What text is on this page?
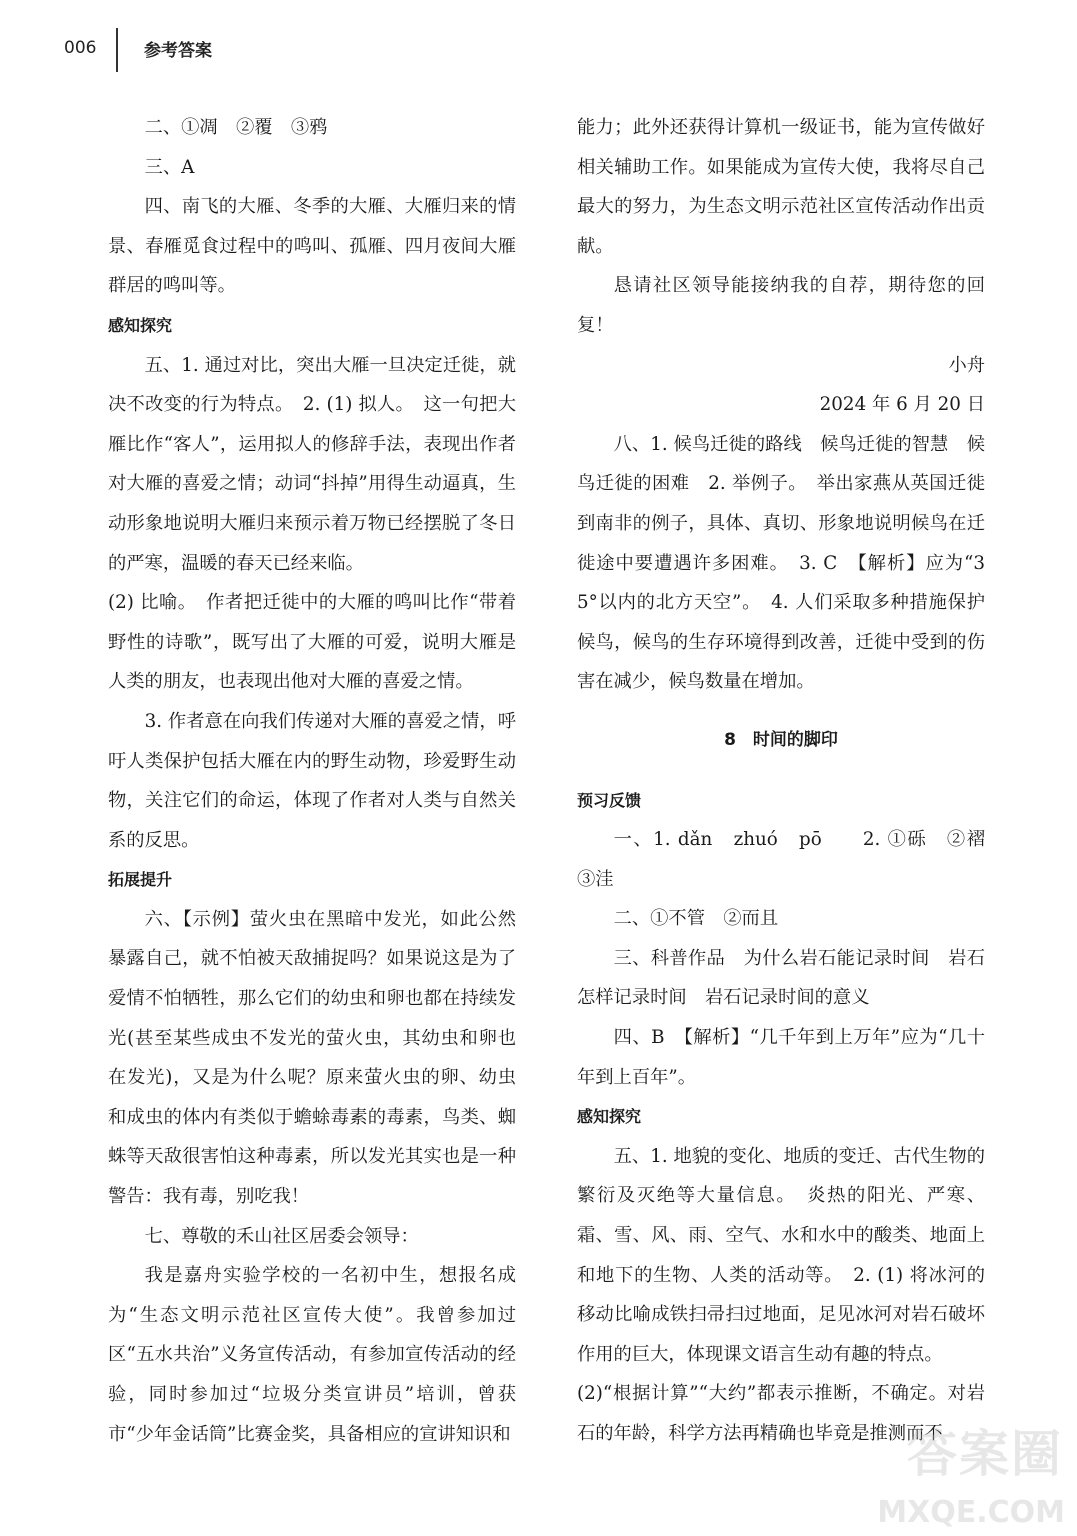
006	参考答案

二、①凋　②覆　③鸦

三、A

四、南飞的大雁、冬季的大雁、大雁归来的情景、春雁觅食过程中的鸣叫、孤雁、四月夜间大雁群居的鸣叫等。

感知探究

五、1. 通过对比，突出大雁一旦决定迁徙，就决不改变的行为特点。　2. (1) 拟人。　这一句把大雁比作“客人”，运用拟人的修辞手法，表现出作者对大雁的喜爱之情；动词“抖掉”用得生动逼真，生动形象地说明大雁归来预示着万物已经摆脱了冬日的严寒，温暖的春天已经来临。

(2) 比喻。　作者把迁徙中的大雁的鸣叫比作“带着野性的诗歌”，既写出了大雁的可爱，说明大雁是人类的朋友，也表现出他对大雁的喜爱之情。

3. 作者意在向我们传递对大雁的喜爱之情，呼吁人类保护包括大雁在内的野生动物，珍爱野生动物，关注它们的命运，体现了作者对人类与自然关系的反思。

拓展提升

六、【示例】萤火虫在黑暗中发光，如此公然暴露自己，就不怕被天敌捕捉吗？如果说这是为了爱情不怕牺牲，那么它们的幼虫和卵也都在持续发光(甚至某些成虫不发光的萤火虫，其幼虫和卵也在发光)，又是为什么呢？原来萤火虫的卵、幼虫和成虫的体内有类似于蟾蜍毒素的毒素，鸟类、蜘蛛等天敌很害怕这种毒素，所以发光其实也是一种警告：我有毒，别吃我！

七、尊敬的禾山社区居委会领导：

我是嘉舟实验学校的一名初中生，想报名成为“生态文明示范社区宣传大使”。我曾参加过区“五水共治”义务宣传活动，有参加宣传活动的经验，同时参加过“垃圾分类宣讲员”培训，曾获市“少年金话筒”比赛金奖，具备相应的宣讲知识和

能力；此外还获得计算机一级证书，能为宣传做好相关辅助工作。如果能成为宣传大使，我将尽自己最大的努力，为生态文明示范社区宣传活动作出贡献。

恳请社区领导能接纳我的自荐，期待您的回复！

小舟

2024 年 6 月 20 日

八、1. 候鸟迁徙的路线　候鸟迁徙的智慧　候鸟迁徙的困难　2. 举例子。　举出家燕从英国迁徙到南非的例子，具体、真切、形象地说明候鸟在迁徙途中要遭遇许多困难。　3. C　【解析】应为“35°以内的北方天空”。　4. 人们采取多种措施保护候鸟，候鸟的生存环境得到改善，迁徙中受到的伤害在减少，候鸟数量在增加。

8　时间的脚印

预习反馈

一、1. dǎn　zhuó　pō　　2. ①砾　②褶　③洼

二、①不管　②而且

三、科普作品　为什么岩石能记录时间　岩石怎样记录时间　岩石记录时间的意义

四、B　【解析】“几千年到上万年”应为“几十年到上百年”。

感知探究

五、1. 地貌的变化、地质的变迁、古代生物的繁衍及灭绝等大量信息。　炎热的阳光、严寒、霜、雪、风、雨、空气、水和水中的酸类、地面上和地下的生物、人类的活动等。　2. (1) 将冰河的移动比喻成铁扫帚扫过地面，足见冰河对岩石破坏作用的巨大，体现课文语言生动有趣的特点。

(2)“根据计算”“大约”都表示推断，不确定。对岩石的年龄，科学方法再精确也毕竟是推测而不

答案圈
MXQE.COM
